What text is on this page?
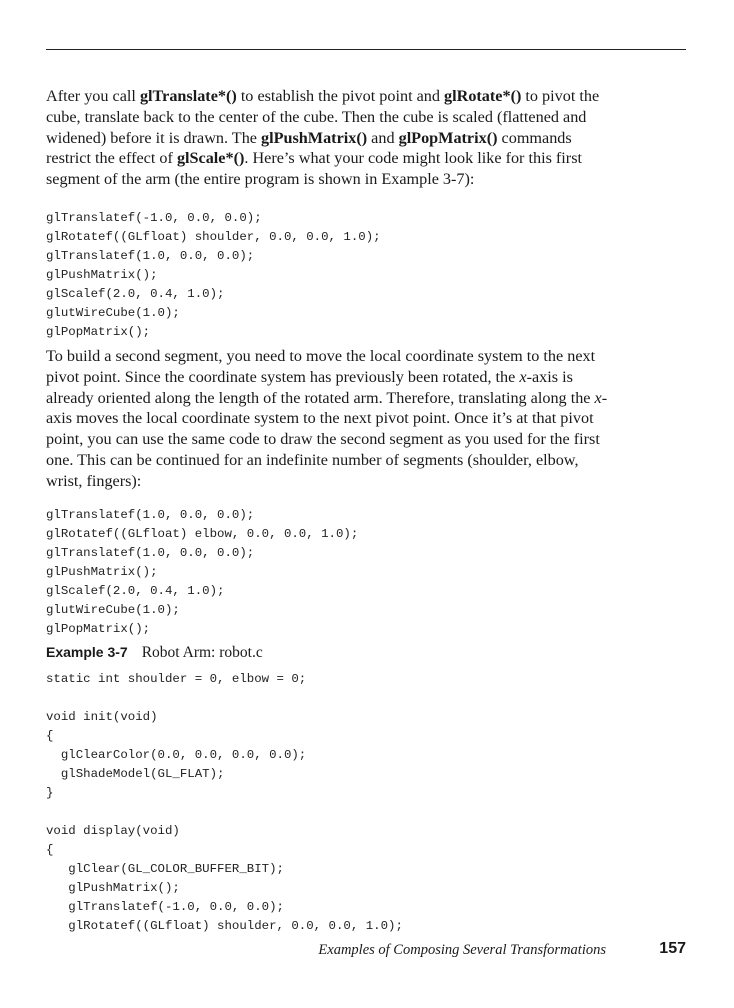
After you call glTranslate*() to establish the pivot point and glRotate*() to pivot the cube, translate back to the center of the cube. Then the cube is scaled (flattened and widened) before it is drawn. The glPushMatrix() and glPopMatrix() commands restrict the effect of glScale*(). Here’s what your code might look like for this first segment of the arm (the entire program is shown in Example 3-7):

glTranslatef(-1.0, 0.0, 0.0);
glRotatef((GLfloat) shoulder, 0.0, 0.0, 1.0);
glTranslatef(1.0, 0.0, 0.0);
glPushMatrix();
glScalef(2.0, 0.4, 1.0);
glutWireCube(1.0);
glPopMatrix();

To build a second segment, you need to move the local coordinate system to the next pivot point. Since the coordinate system has previously been rotated, the x-axis is already oriented along the length of the rotated arm. Therefore, translating along the x-axis moves the local coordinate system to the next pivot point. Once it’s at that pivot point, you can use the same code to draw the second segment as you used for the first one. This can be continued for an indefinite number of segments (shoulder, elbow, wrist, fingers):

glTranslatef(1.0, 0.0, 0.0);
glRotatef((GLfloat) elbow, 0.0, 0.0, 1.0);
glTranslatef(1.0, 0.0, 0.0);
glPushMatrix();
glScalef(2.0, 0.4, 1.0);
glutWireCube(1.0);
glPopMatrix();
Example 3-7 Robot Arm: robot.c
static int shoulder = 0, elbow = 0;

void init(void)
{
glClearColor(0.0, 0.0, 0.0, 0.0);
glShadeModel(GL_FLAT);
}

void display(void)
{
glClear(GL_COLOR_BUFFER_BIT);
glPushMatrix();
glTranslatef(-1.0, 0.0, 0.0);
glRotatef((GLfloat) shoulder, 0.0, 0.0, 1.0);
Examples of Composing Several Transformations	157
